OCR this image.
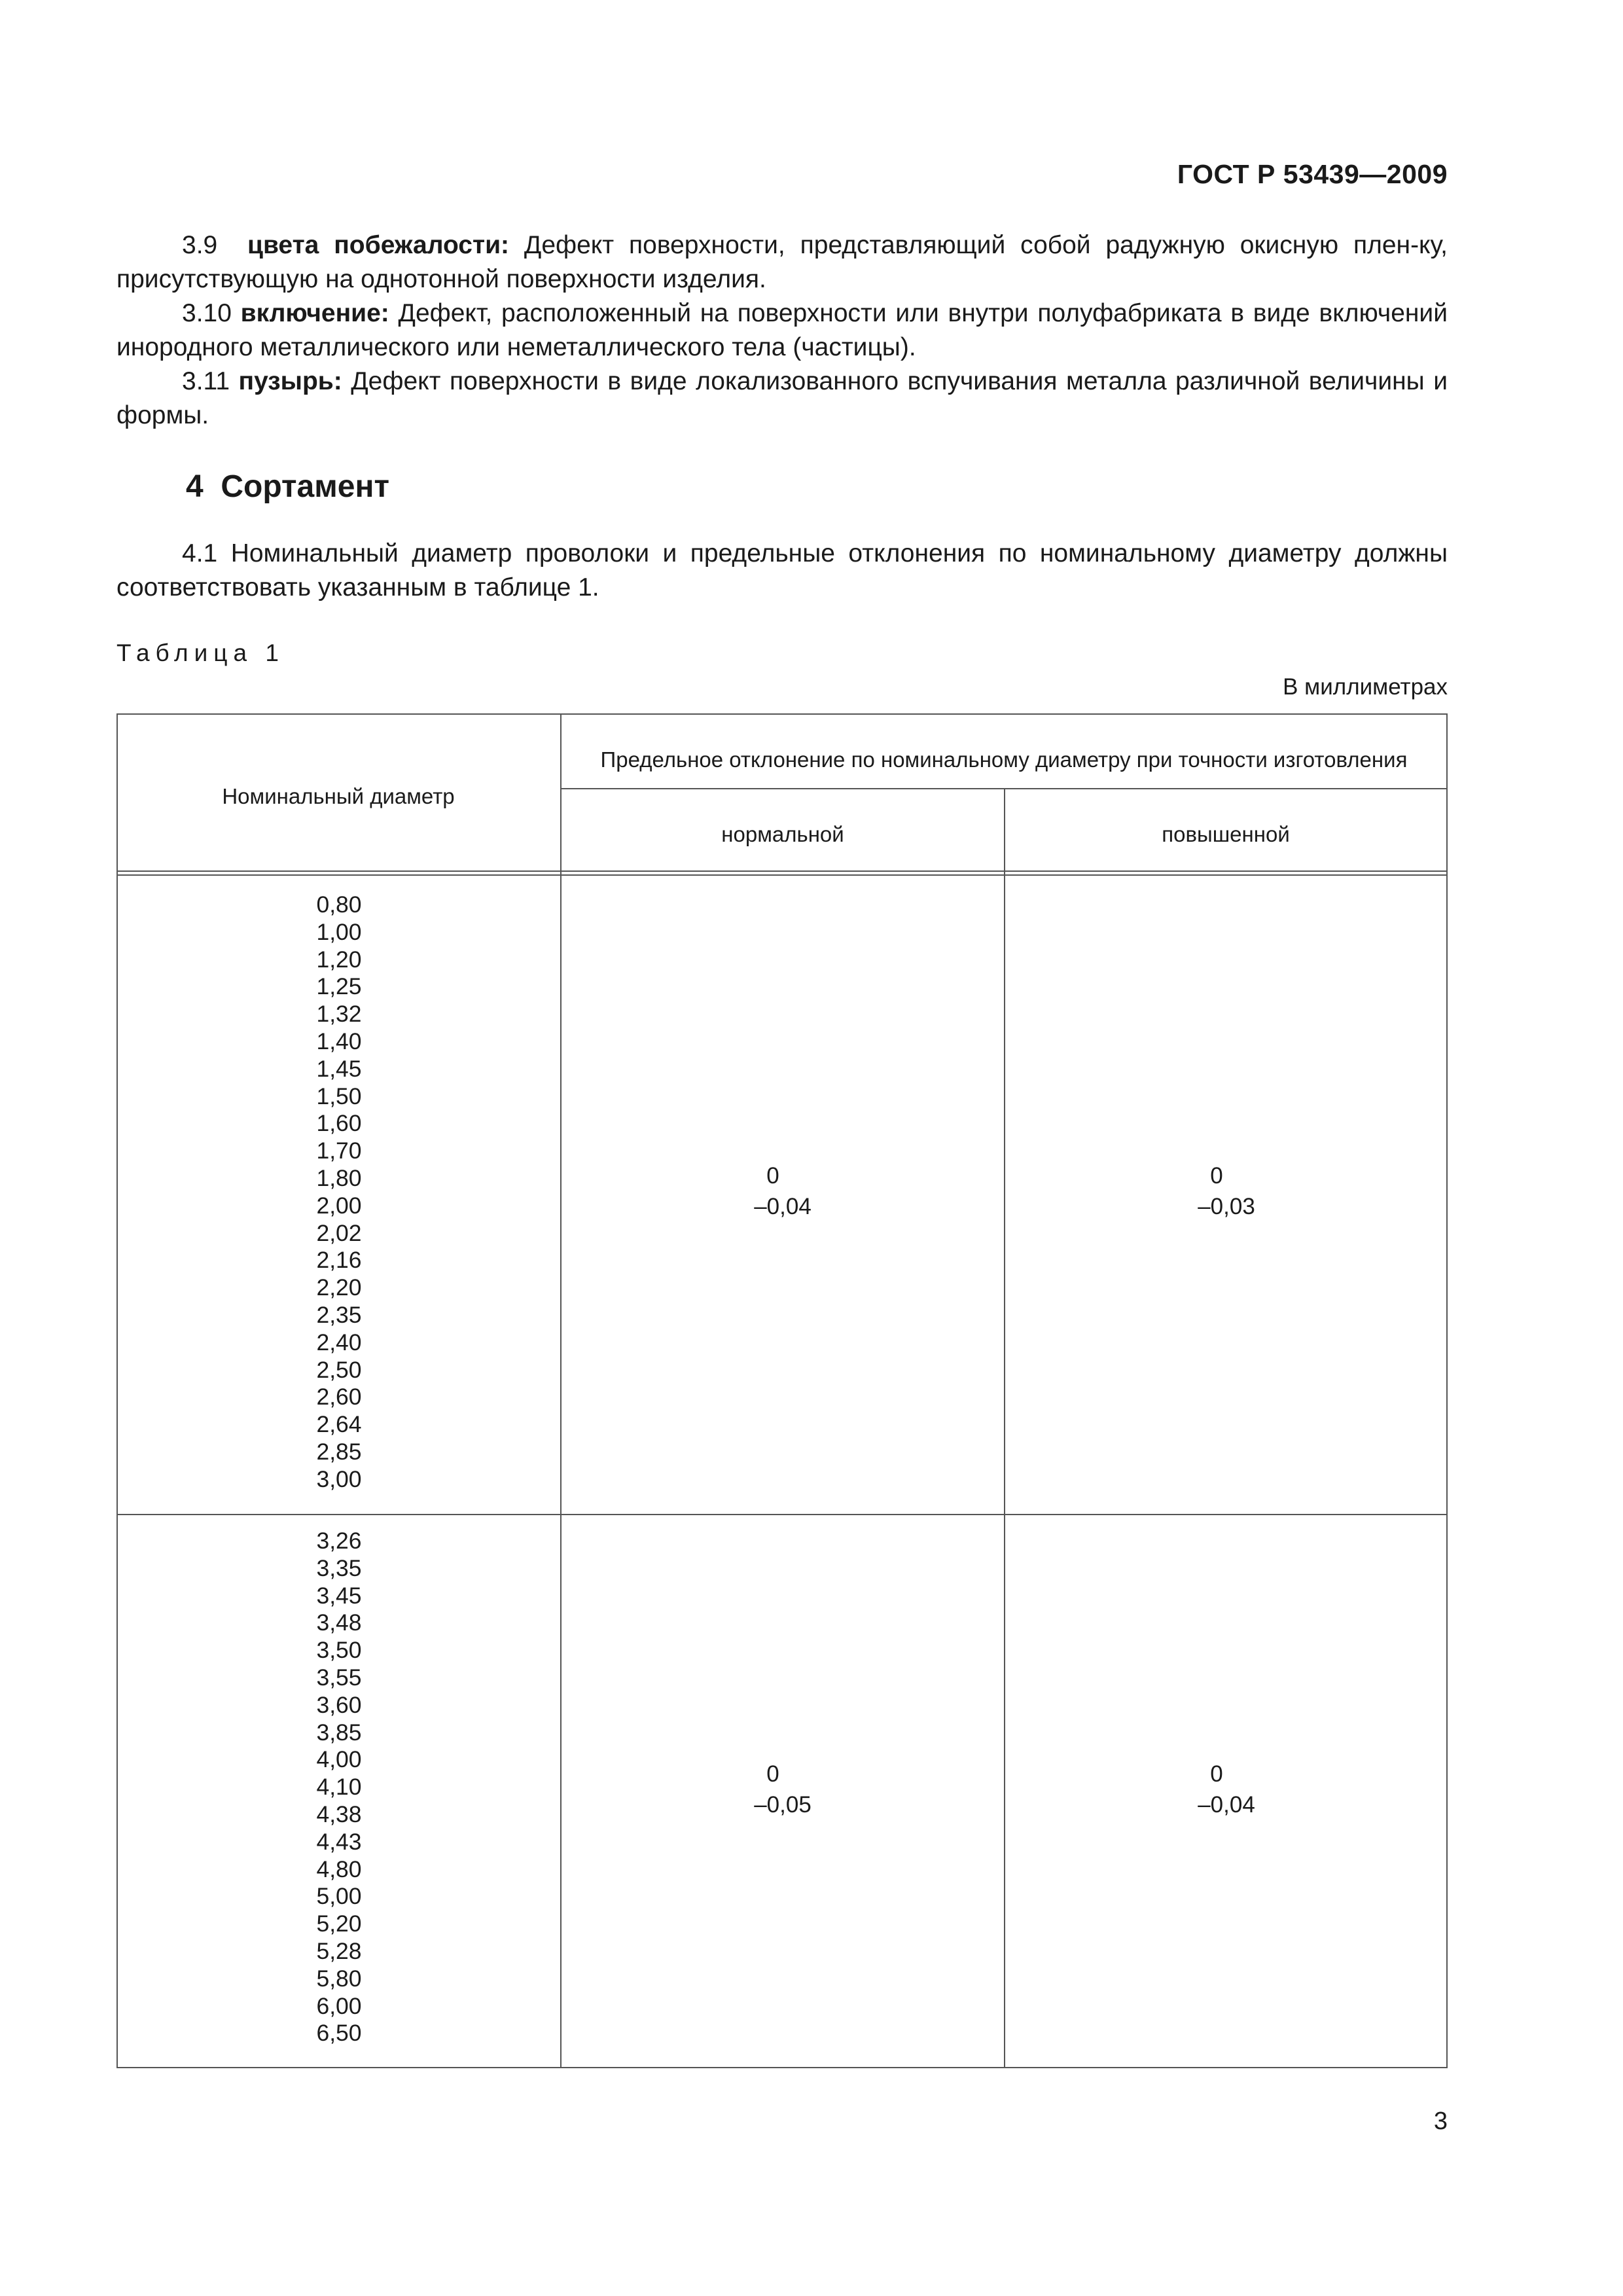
ГОСТ Р 53439—2009
3.9 цвета побежалости: Дефект поверхности, представляющий собой радужную окисную плен-ку, присутствующую на однотонной поверхности изделия.
3.10 включение: Дефект, расположенный на поверхности или внутри полуфабриката в виде включений инородного металлического или неметаллического тела (частицы).
3.11 пузырь: Дефект поверхности в виде локализованного вспучивания металла различной величины и формы.
4 Сортамент
4.1 Номинальный диаметр проволоки и предельные отклонения по номинальному диаметру должны соответствовать указанным в таблице 1.
Таблица 1
В миллиметрах
Номинальный диаметр
Предельное отклонение по номинальному диаметру при точности изготовления
нормальной	повышенной
0,80
1,00
1,20
1,25
1,32
1,40
1,45
1,50
1,60
1,70
1,80
2,00
2,02
2,16
2,20
2,35
2,40
2,50
2,60
2,64
2,85
3,00
0
–0,04
0
–0,03
3,26
3,35
3,45
3,48
3,50
3,55
3,60
3,85
4,00
4,10
4,38
4,43
4,80
5,00
5,20
5,28
5,80
6,00
6,50
0
–0,05
0
–0,04
3
